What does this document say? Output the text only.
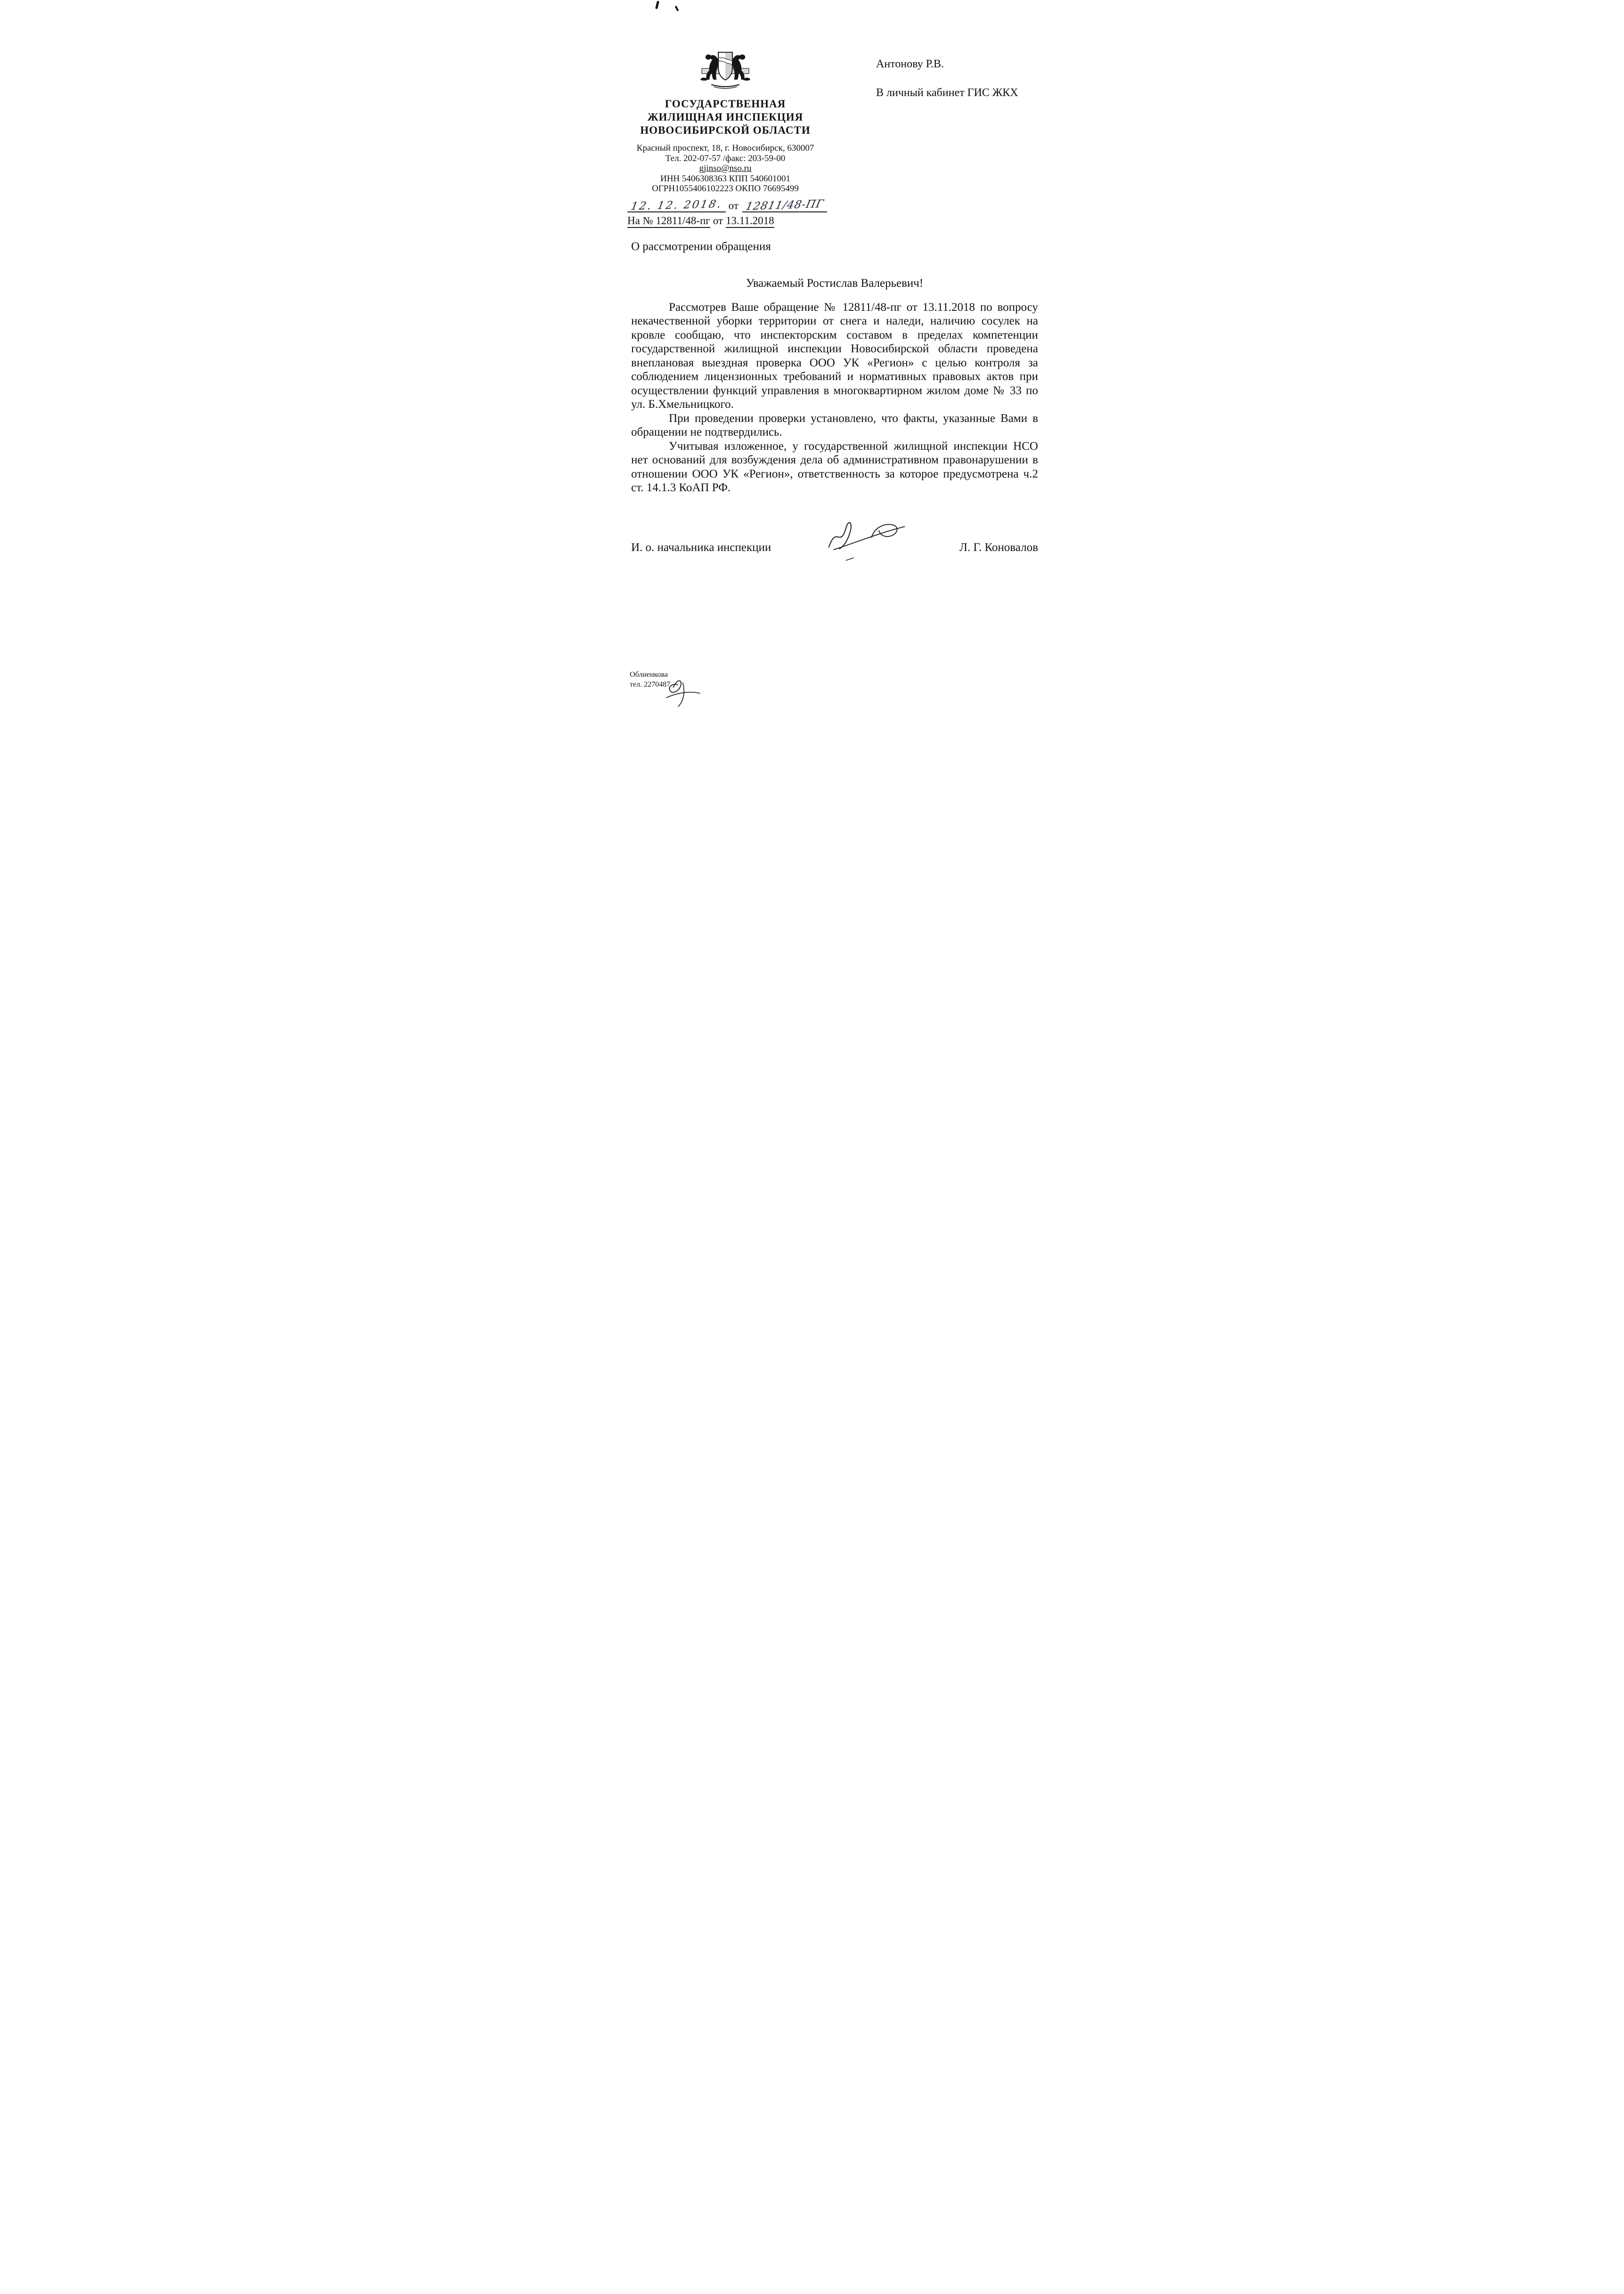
ГОСУДАРСТВЕННАЯ
ЖИЛИЩНАЯ ИНСПЕКЦИЯ
НОВОСИБИРСКОЙ ОБЛАСТИ
Красный проспект, 18, г. Новосибирск, 630007
Тел. 202-07-57 /факс: 203-59-00
gjinso@nso.ru
ИНН 5406308363 КПП 540601001
ОГРН1055406102223 ОКПО 76695499
12. 12. 2018. от 12811/48-ПГ
На № 12811/48-пг от 13.11.2018
Антонову Р.В.
В личный кабинет ГИС ЖКХ
О рассмотрении обращения
Уважаемый Ростислав Валерьевич!

Рассмотрев Ваше обращение № 12811/48-пг от 13.11.2018 по вопросу некачественной уборки территории от снега и наледи, наличию сосулек на кровле сообщаю, что инспекторским составом в пределах компетенции государственной жилищной инспекции Новосибирской области проведена внеплановая выездная проверка ООО УК «Регион» с целью контроля за соблюдением лицензионных требований и нормативных правовых актов при осуществлении функций управления в многоквартирном жилом доме № 33 по ул. Б.Хмельницкого.

При проведении проверки установлено, что факты, указанные Вами в обращении не подтвердились.

Учитывая изложенное, у государственной жилищной инспекции НСО нет оснований для возбуждения дела об административном правонарушении в отношении ООО УК «Регион», ответственность за которое предусмотрена ч.2 ст. 14.1.3 КоАП РФ.

И. о. начальника инспекции	Л. Г. Коновалов
Облиенкова
тел. 2270487
